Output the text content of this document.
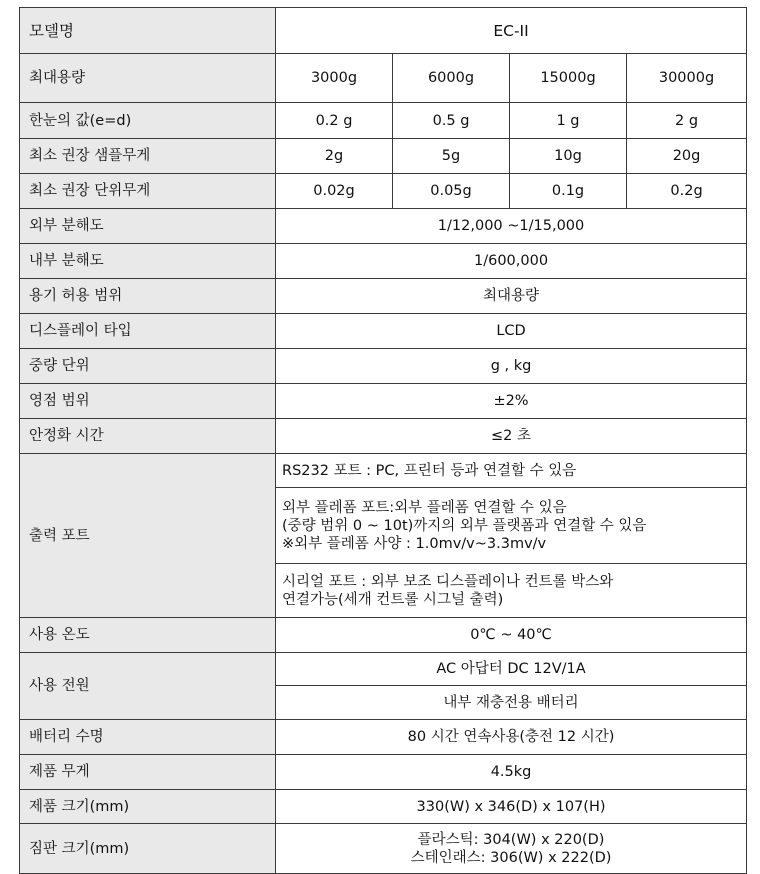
모델명	EC-II			
최대용량	3000g	6000g	15000g	30000g
한눈의 값(e=d)	0.2 g	0.5 g	1 g	2 g
최소 권장 샘플무게	2g	5g	10g	20g
최소 권장 단위무게	0.02g	0.05g	0.1g	0.2g
외부 분해도	1/12,000 ~1/15,000			
내부 분해도	1/600,000			
용기 허용 범위	최대용량			
디스플레이 타입	LCD			
중량 단위	g , kg			
영점 범위	±2%			
안정화 시간	≤2 초			
출력 포트	RS232 포트 : PC, 프린터 등과 연결할 수 있음			

	외부 플레폼 포트:외부 플레폼 연결할 수 있음
(중량 범위 0 ~ 10t)까지의 외부 플랫폼과 연결할 수 있음
※외부 플레폼 사양 : 1.0mv/v~3.3mv/v			

	시리얼 포트 : 외부 보조 디스플레이나 컨트롤 박스와
연결가능(세개 컨트롤 시그널 출력)			

사용 온도	0℃ ~ 40℃			
사용 전원	AC 아답터 DC 12V/1A			
	내부 재충전용 배터리			
배터리 수명	80 시간 연속사용(충전 12 시간)			
제품 무게	4.5kg			
제품 크기(mm)	330(W) x 346(D) x 107(H)			
짐판 크기(mm)	플라스틱: 304(W) x 220(D)
스테인래스: 306(W) x 222(D)			
